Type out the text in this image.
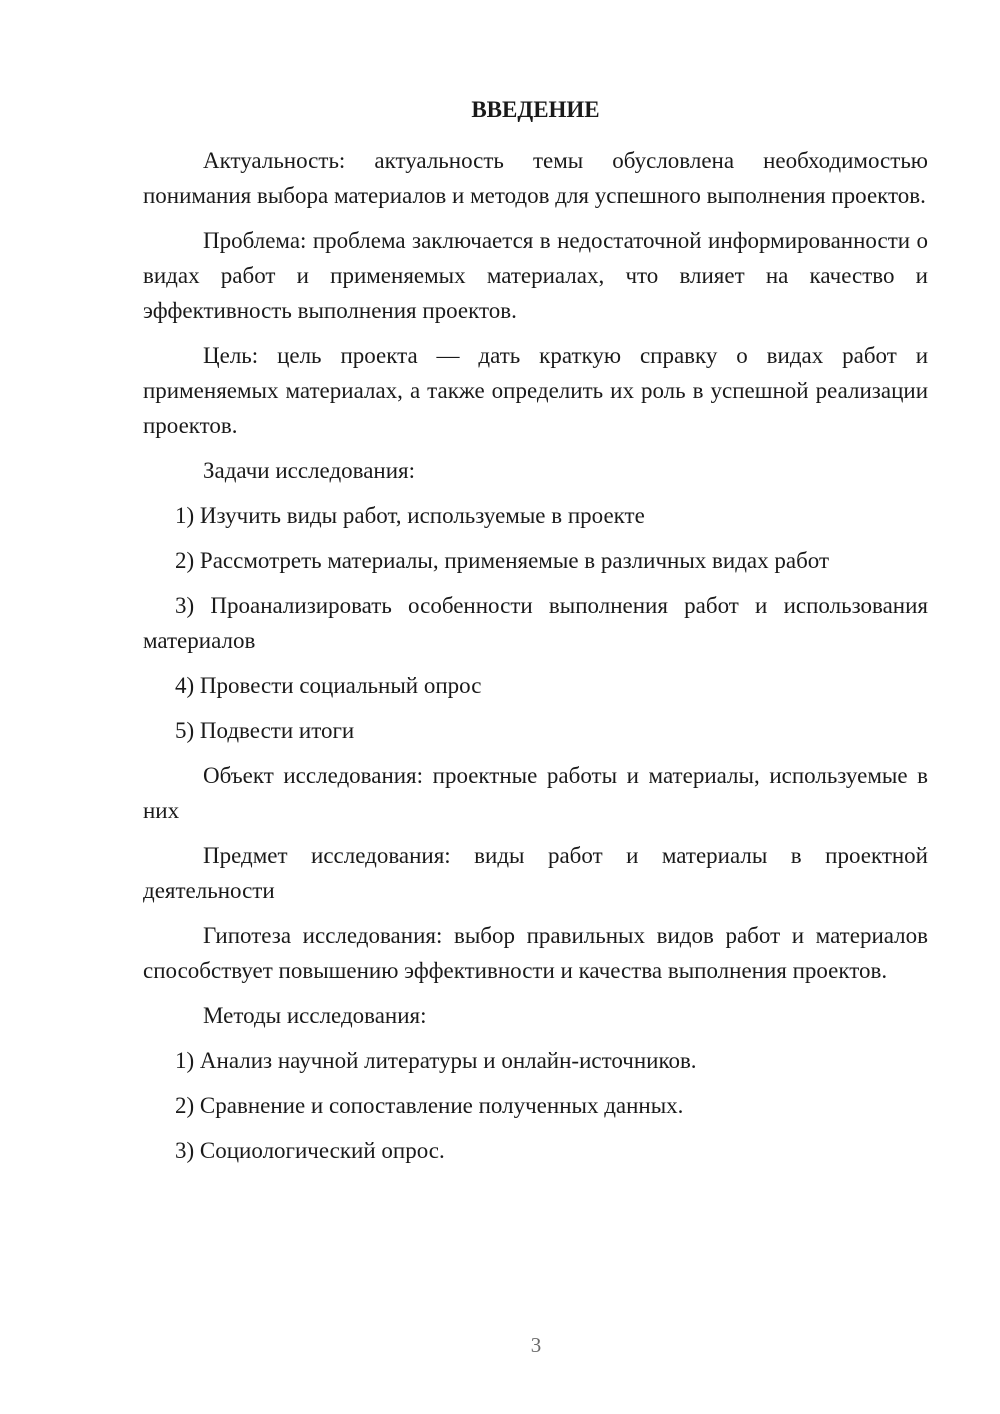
ВВЕДЕНИЕ

Актуальность: актуальность темы обусловлена необходимостью понимания выбора материалов и методов для успешного выполнения проектов.

Проблема: проблема заключается в недостаточной информированности о видах работ и применяемых материалах, что влияет на качество и эффективность выполнения проектов.

Цель: цель проекта — дать краткую справку о видах работ и применяемых материалах, а также определить их роль в успешной реализации проектов.

Задачи исследования:

1) Изучить виды работ, используемые в проекте

2) Рассмотреть материалы, применяемые в различных видах работ

3) Проанализировать особенности выполнения работ и использования материалов

4) Провести социальный опрос

5) Подвести итоги

Объект исследования: проектные работы и материалы, используемые в них

Предмет исследования: виды работ и материалы в проектной деятельности

Гипотеза исследования: выбор правильных видов работ и материалов способствует повышению эффективности и качества выполнения проектов.

Методы исследования:

1) Анализ научной литературы и онлайн-источников.

2) Сравнение и сопоставление полученных данных.

3) Социологический опрос.

3
